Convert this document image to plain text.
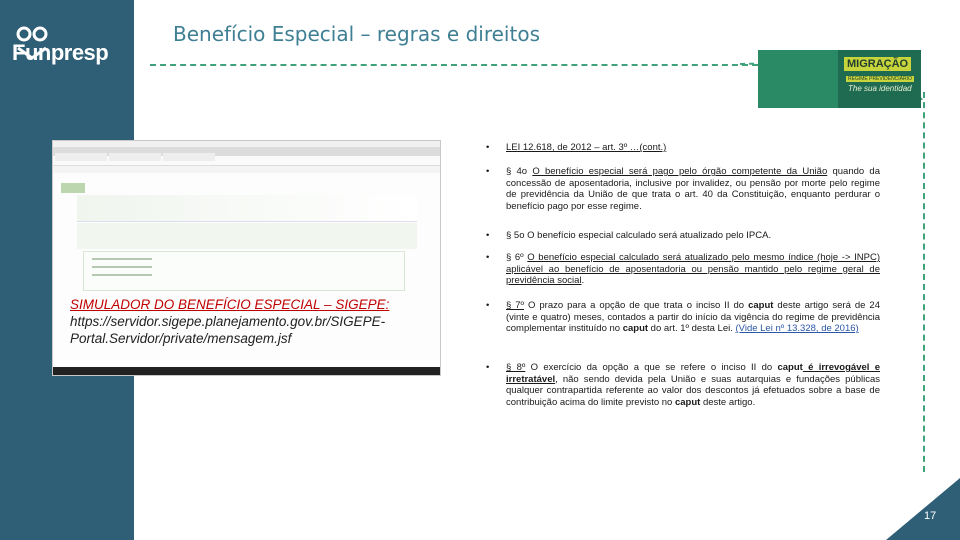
Funpresp
Benefício Especial – regras e direitos
MIGRAÇÃO
REGIME PREVIDENCIÁRIO
The sua identidad
SIMULADOR DO BENEFÍCIO ESPECIAL – SIGEPE:
https://servidor.sigepe.planejamento.gov.br/SIGEPE-
Portal.Servidor/private/mensagem.jsf
• LEI 12.618, de 2012 – art. 3º …(cont.)
• § 4o O benefício especial será pago pelo órgão competente da União quando da concessão de aposentadoria, inclusive por invalidez, ou pensão por morte pelo regime de previdência da União de que trata o art. 40 da Constituição, enquanto perdurar o benefício pago por esse regime.
• § 5o O benefício especial calculado será atualizado pelo IPCA.
• § 6º O benefício especial calculado será atualizado pelo mesmo índice (hoje -> INPC) aplicável ao benefício de aposentadoria ou pensão mantido pelo regime geral de previdência social.
• § 7º O prazo para a opção de que trata o inciso II do caput deste artigo será de 24 (vinte e quatro) meses, contados a partir do início da vigência do regime de previdência complementar instituído no caput do art. 1º desta Lei. (Vide Lei nº 13.328, de 2016)
• § 8º O exercício da opção a que se refere o inciso II do caput é irrevogável e irretratável, não sendo devida pela União e suas autarquias e fundações públicas qualquer contrapartida referente ao valor dos descontos já efetuados sobre a base de contribuição acima do limite previsto no caput deste artigo.
17
